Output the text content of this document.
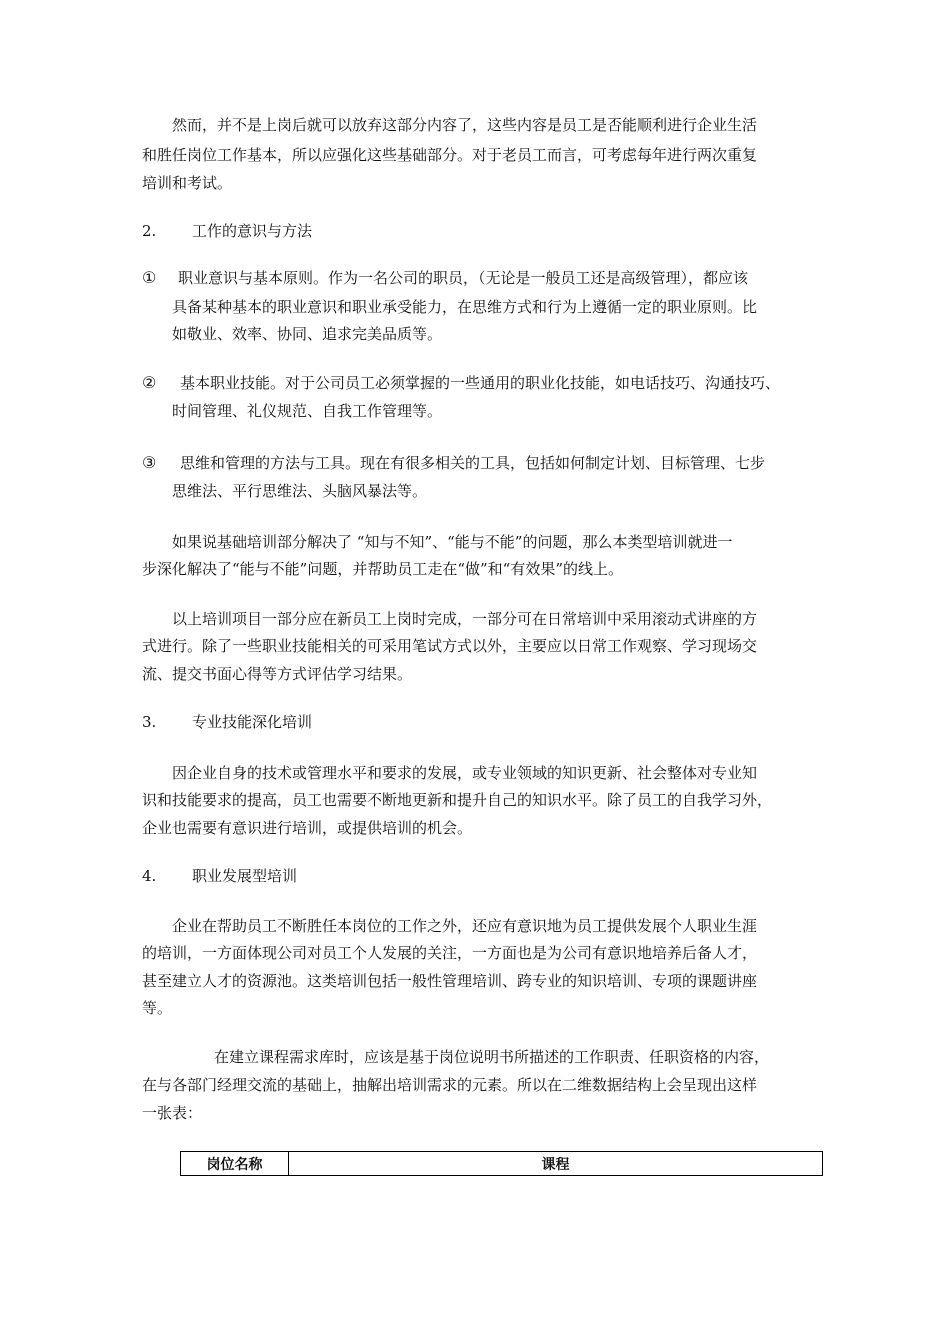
然而，并不是上岗后就可以放弃这部分内容了，这些内容是员工是否能顺利进行企业生活
和胜任岗位工作基本，所以应强化这些基础部分。对于老员工而言，可考虑每年进行两次重复
培训和考试。
2. 工作的意识与方法
① 职业意识与基本原则。作为一名公司的职员，（无论是一般员工还是高级管理），都应该
具备某种基本的职业意识和职业承受能力，在思维方式和行为上遵循一定的职业原则。比
如敬业、效率、协同、追求完美品质等。
② 基本职业技能。对于公司员工必须掌握的一些通用的职业化技能，如电话技巧、沟通技巧、
时间管理、礼仪规范、自我工作管理等。
③ 思维和管理的方法与工具。现在有很多相关的工具，包括如何制定计划、目标管理、七步
思维法、平行思维法、头脑风暴法等。
如果说基础培训部分解决了 “知与不知”、“能与不能”的问题，那么本类型培训就进一
步深化解决了“能与不能”问题，并帮助员工走在“做”和“有效果”的线上。
以上培训项目一部分应在新员工上岗时完成，一部分可在日常培训中采用滚动式讲座的方
式进行。除了一些职业技能相关的可采用笔试方式以外，主要应以日常工作观察、学习现场交
流、提交书面心得等方式评估学习结果。
3. 专业技能深化培训
因企业自身的技术或管理水平和要求的发展，或专业领域的知识更新、社会整体对专业知
识和技能要求的提高，员工也需要不断地更新和提升自己的知识水平。除了员工的自我学习外，
企业也需要有意识进行培训，或提供培训的机会。
4. 职业发展型培训
企业在帮助员工不断胜任本岗位的工作之外，还应有意识地为员工提供发展个人职业生涯
的培训，一方面体现公司对员工个人发展的关注，一方面也是为公司有意识地培养后备人才，
甚至建立人才的资源池。这类培训包括一般性管理培训、跨专业的知识培训、专项的课题讲座
等。
在建立课程需求库时，应该是基于岗位说明书所描述的工作职责、任职资格的内容，
在与各部门经理交流的基础上，抽解出培训需求的元素。所以在二维数据结构上会呈现出这样
一张表：
岗位名称	课程
